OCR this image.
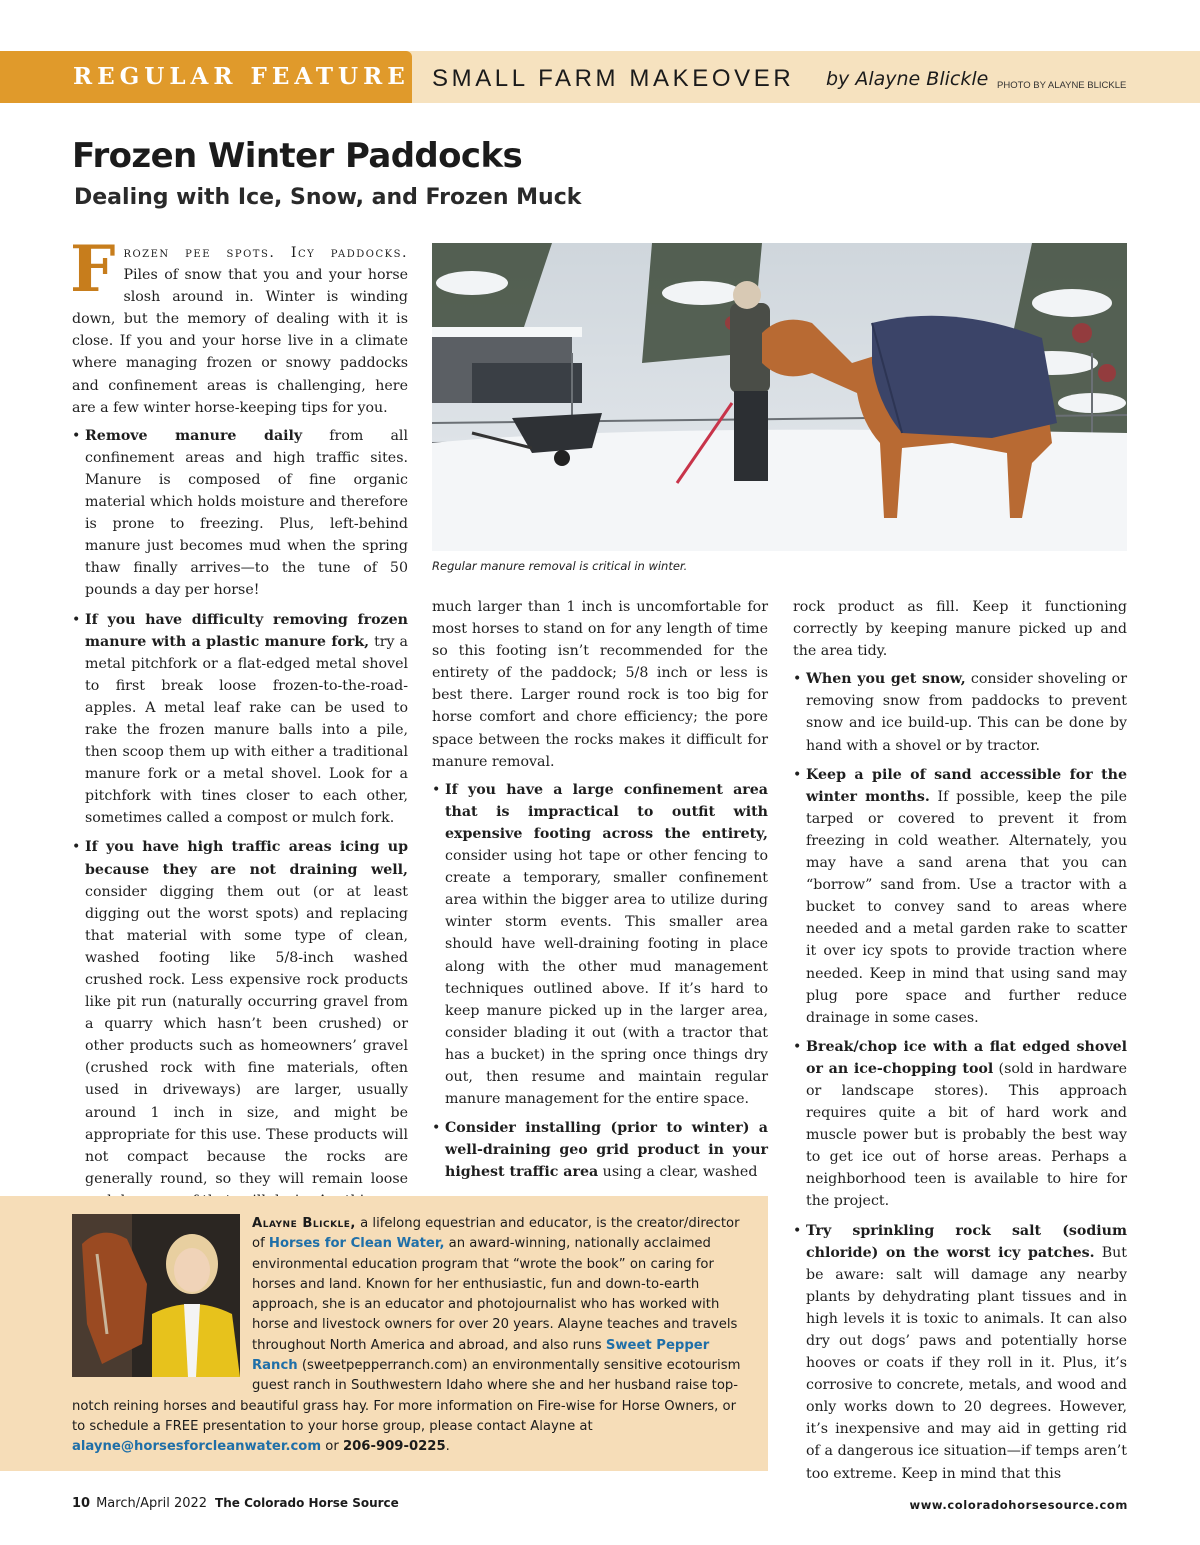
REGULAR FEATURE SMALL FARM MAKEOVER by Alayne Blickle PHOTO BY ALAYNE BLICKLE
Frozen Winter Paddocks
Dealing with Ice, Snow, and Frozen Muck

Frozen pee spots. Icy paddocks. Piles of snow that you and your horse slosh around in. Winter is winding down, but the memory of dealing with it is close. If you and your horse live in a climate where managing frozen or snowy paddocks and confinement areas is challenging, here are a few winter horse-keeping tips for you.

• Remove manure daily from all confinement areas and high traffic sites. Manure is composed of fine organic material which holds moisture and therefore is prone to freezing. Plus, left-behind manure just becomes mud when the spring thaw finally arrives—to the tune of 50 pounds a day per horse!

• If you have difficulty removing frozen manure with a plastic manure fork, try a metal pitchfork or a flat-edged metal shovel to first break loose frozen-to-the-road-apples. A metal leaf rake can be used to rake the frozen manure balls into a pile, then scoop them up with either a traditional manure fork or a metal shovel. Look for a pitchfork with tines closer to each other, sometimes called a compost or mulch fork.

• If you have high traffic areas icing up because they are not draining well, consider digging them out (or at least digging out the worst spots) and replacing that material with some type of clean, washed footing like 5/8-inch washed crushed rock. Less expensive rock products like pit run (naturally occurring gravel from a quarry which hasn’t been crushed) or other products such as homeowners’ gravel (crushed rock with fine materials, often used in driveways) are larger, usually around 1 inch in size, and might be appropriate for this use. These products will not compact because the rocks are generally round, so they will remain loose

Regular manure removal is critical in winter.

much larger than 1 inch is uncomfortable for most horses to stand on for any length of time so this footing isn’t recommended for the entirety of the paddock; 5/8 inch or less is best there. Larger round rock is too big for horse comfort and chore efficiency; the pore space between the rocks makes it difficult for manure removal.

• If you have a large confinement area that is impractical to outfit with expensive footing across the entirety, consider using hot tape or other fencing to create a temporary, smaller confinement area within the bigger area to utilize during winter storm events. This smaller area should have well-draining footing in place along with the other mud management techniques outlined above. If it’s hard to keep manure picked up in the larger area, consider blading it out (with a tractor that has a bucket) in the spring once things dry out, then resume and maintain regular manure management for the entire space.

• Consider installing (prior to winter) a well-draining geo grid product in your highest traffic area using a clear, washed

rock product as fill. Keep it functioning correctly by keeping manure picked up and the area tidy.

• When you get snow, consider shoveling or removing snow from paddocks to prevent snow and ice build-up. This can be done by hand with a shovel or by tractor.

• Keep a pile of sand accessible for the winter months. If possible, keep the pile tarped or covered to prevent it from freezing in cold weather. Alternately, you may have a sand arena that you can “borrow” sand from. Use a tractor with a bucket to convey sand to areas where needed and a metal garden rake to scatter it over icy spots to provide traction where needed. Keep in mind that using sand may plug pore space and further reduce drainage in some cases.

• Break/chop ice with a flat edged shovel or an ice-chopping tool (sold in hardware or landscape stores). This approach requires quite a bit of hard work and muscle power but is probably the best way to get ice out of horse areas. Perhaps a neighborhood teen is available to hire for the project.

• Try sprinkling rock salt (sodium chloride) on the worst icy patches. But be aware: salt will damage any nearby plants by dehydrating plant tissues and in high levels it is toxic to animals. It can also dry out dogs’ paws and potentially horse hooves or coats if they roll in it. Plus, it’s corrosive to concrete, metals, and wood and only works down to 20 degrees. However, it’s inexpensive and may aid in getting rid of a dangerous ice situation—if temps aren’t too extreme. Keep in mind that this

Alayne Blickle, a lifelong equestrian and educator, is the creator/director of Horses for Clean Water, an award-winning, nationally acclaimed environmental education program that “wrote the book” on caring for horses and land. Known for her enthusiastic, fun and down-to-earth approach, she is an educator and photojournalist who has worked with horse and livestock owners for over 20 years. Alayne teaches and travels throughout North America and abroad, and also runs Sweet Pepper Ranch (sweetpepperranch.com) an environmentally sensitive ecotourism guest ranch in Southwestern Idaho where she and her husband raise top-notch reining horses and beautiful grass hay. For more information on Fire-wise for Horse Owners, or to schedule a FREE presentation to your horse group, please contact Alayne at alayne@horsesforcleanwater.com or 206-909-0225.
10 March/April 2022 The Colorado Horse Source	www.coloradohorsesource.com
